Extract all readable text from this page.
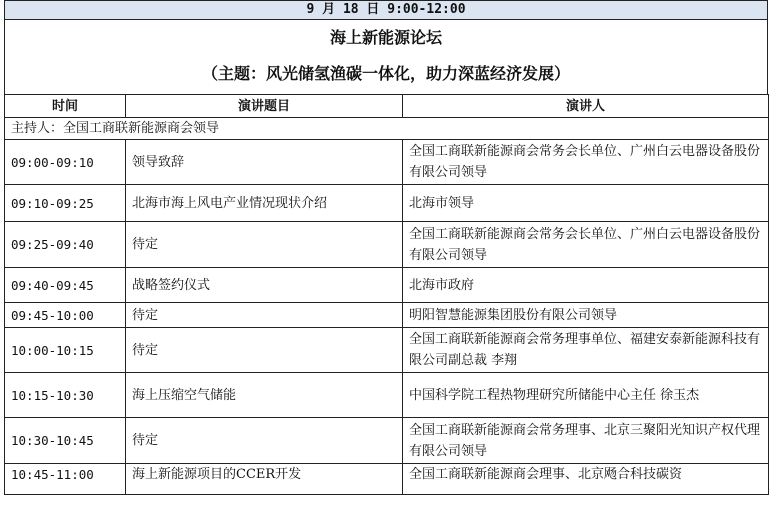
9 月 18 日 9:00-12:00
海上新能源论坛
（主题：风光储氢渔碳一体化，助力深蓝经济发展）
时间	演讲题目	演讲人
主持人：全国工商联新能源商会领导		
09:00-09:10	领导致辞	全国工商联新能源商会常务会长单位、广州白云电器设备股份有限公司领导
09:10-09:25	北海市海上风电产业情况现状介绍	北海市领导
09:25-09:40	待定	全国工商联新能源商会常务会长单位、广州白云电器设备股份有限公司领导
09:40-09:45	战略签约仪式	北海市政府
09:45-10:00	待定	明阳智慧能源集团股份有限公司领导
10:00-10:15	待定	全国工商联新能源商会常务理事单位、福建安泰新能源科技有限公司副总裁 李翔
10:15-10:30	海上压缩空气储能	中国科学院工程热物理研究所储能中心主任 徐玉杰
10:30-10:45	待定	全国工商联新能源商会常务理事、北京三聚阳光知识产权代理有限公司领导
10:45-11:00	海上新能源项目的CCER开发	全国工商联新能源商会理事、北京飏合科技碳资
